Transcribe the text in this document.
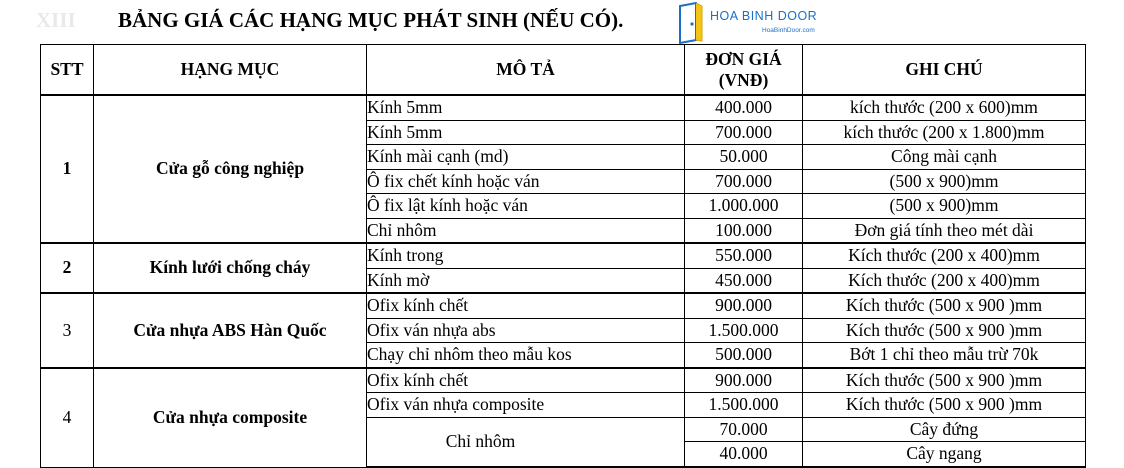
XIII BẢNG GIÁ CÁC HẠNG MỤC PHÁT SINH (NẾU CÓ).	HOA BINH DOOR
HoaBinhDoor.com
STT	HẠNG MỤC	MÔ TẢ	ĐƠN GIÁ (VNĐ)	GHI CHÚ
1	Cửa gỗ công nghiệp	Kính 5mm	400.000	kích thước (200 x 600)mm
		Kính 5mm	700.000	kích thước (200 x 1.800)mm
		Kính mài cạnh (md)	50.000	Công mài cạnh
		Ô fix chết kính hoặc ván	700.000	(500 x 900)mm
		Ô fix lật kính hoặc ván	1.000.000	(500 x 900)mm
		Chỉ nhôm	100.000	Đơn giá tính theo mét dài
2	Kính lưới chống cháy	Kính trong	550.000	Kích thước (200 x 400)mm
		Kính mờ	450.000	Kích thước (200 x 400)mm
3	Cửa nhựa ABS Hàn Quốc	Ofix kính chết	900.000	Kích thước (500 x 900 )mm
		Ofix ván nhựa abs	1.500.000	Kích thước (500 x 900 )mm
		Chạy chỉ nhôm theo mẫu kos	500.000	Bớt 1 chỉ theo mẫu trừ 70k
4	Cửa nhựa composite	Ofix kính chết	900.000	Kích thước (500 x 900 )mm
		Ofix ván nhựa composite	1.500.000	Kích thước (500 x 900 )mm
		Chỉ nhôm	70.000	Cây đứng
			40.000	Cây ngang
